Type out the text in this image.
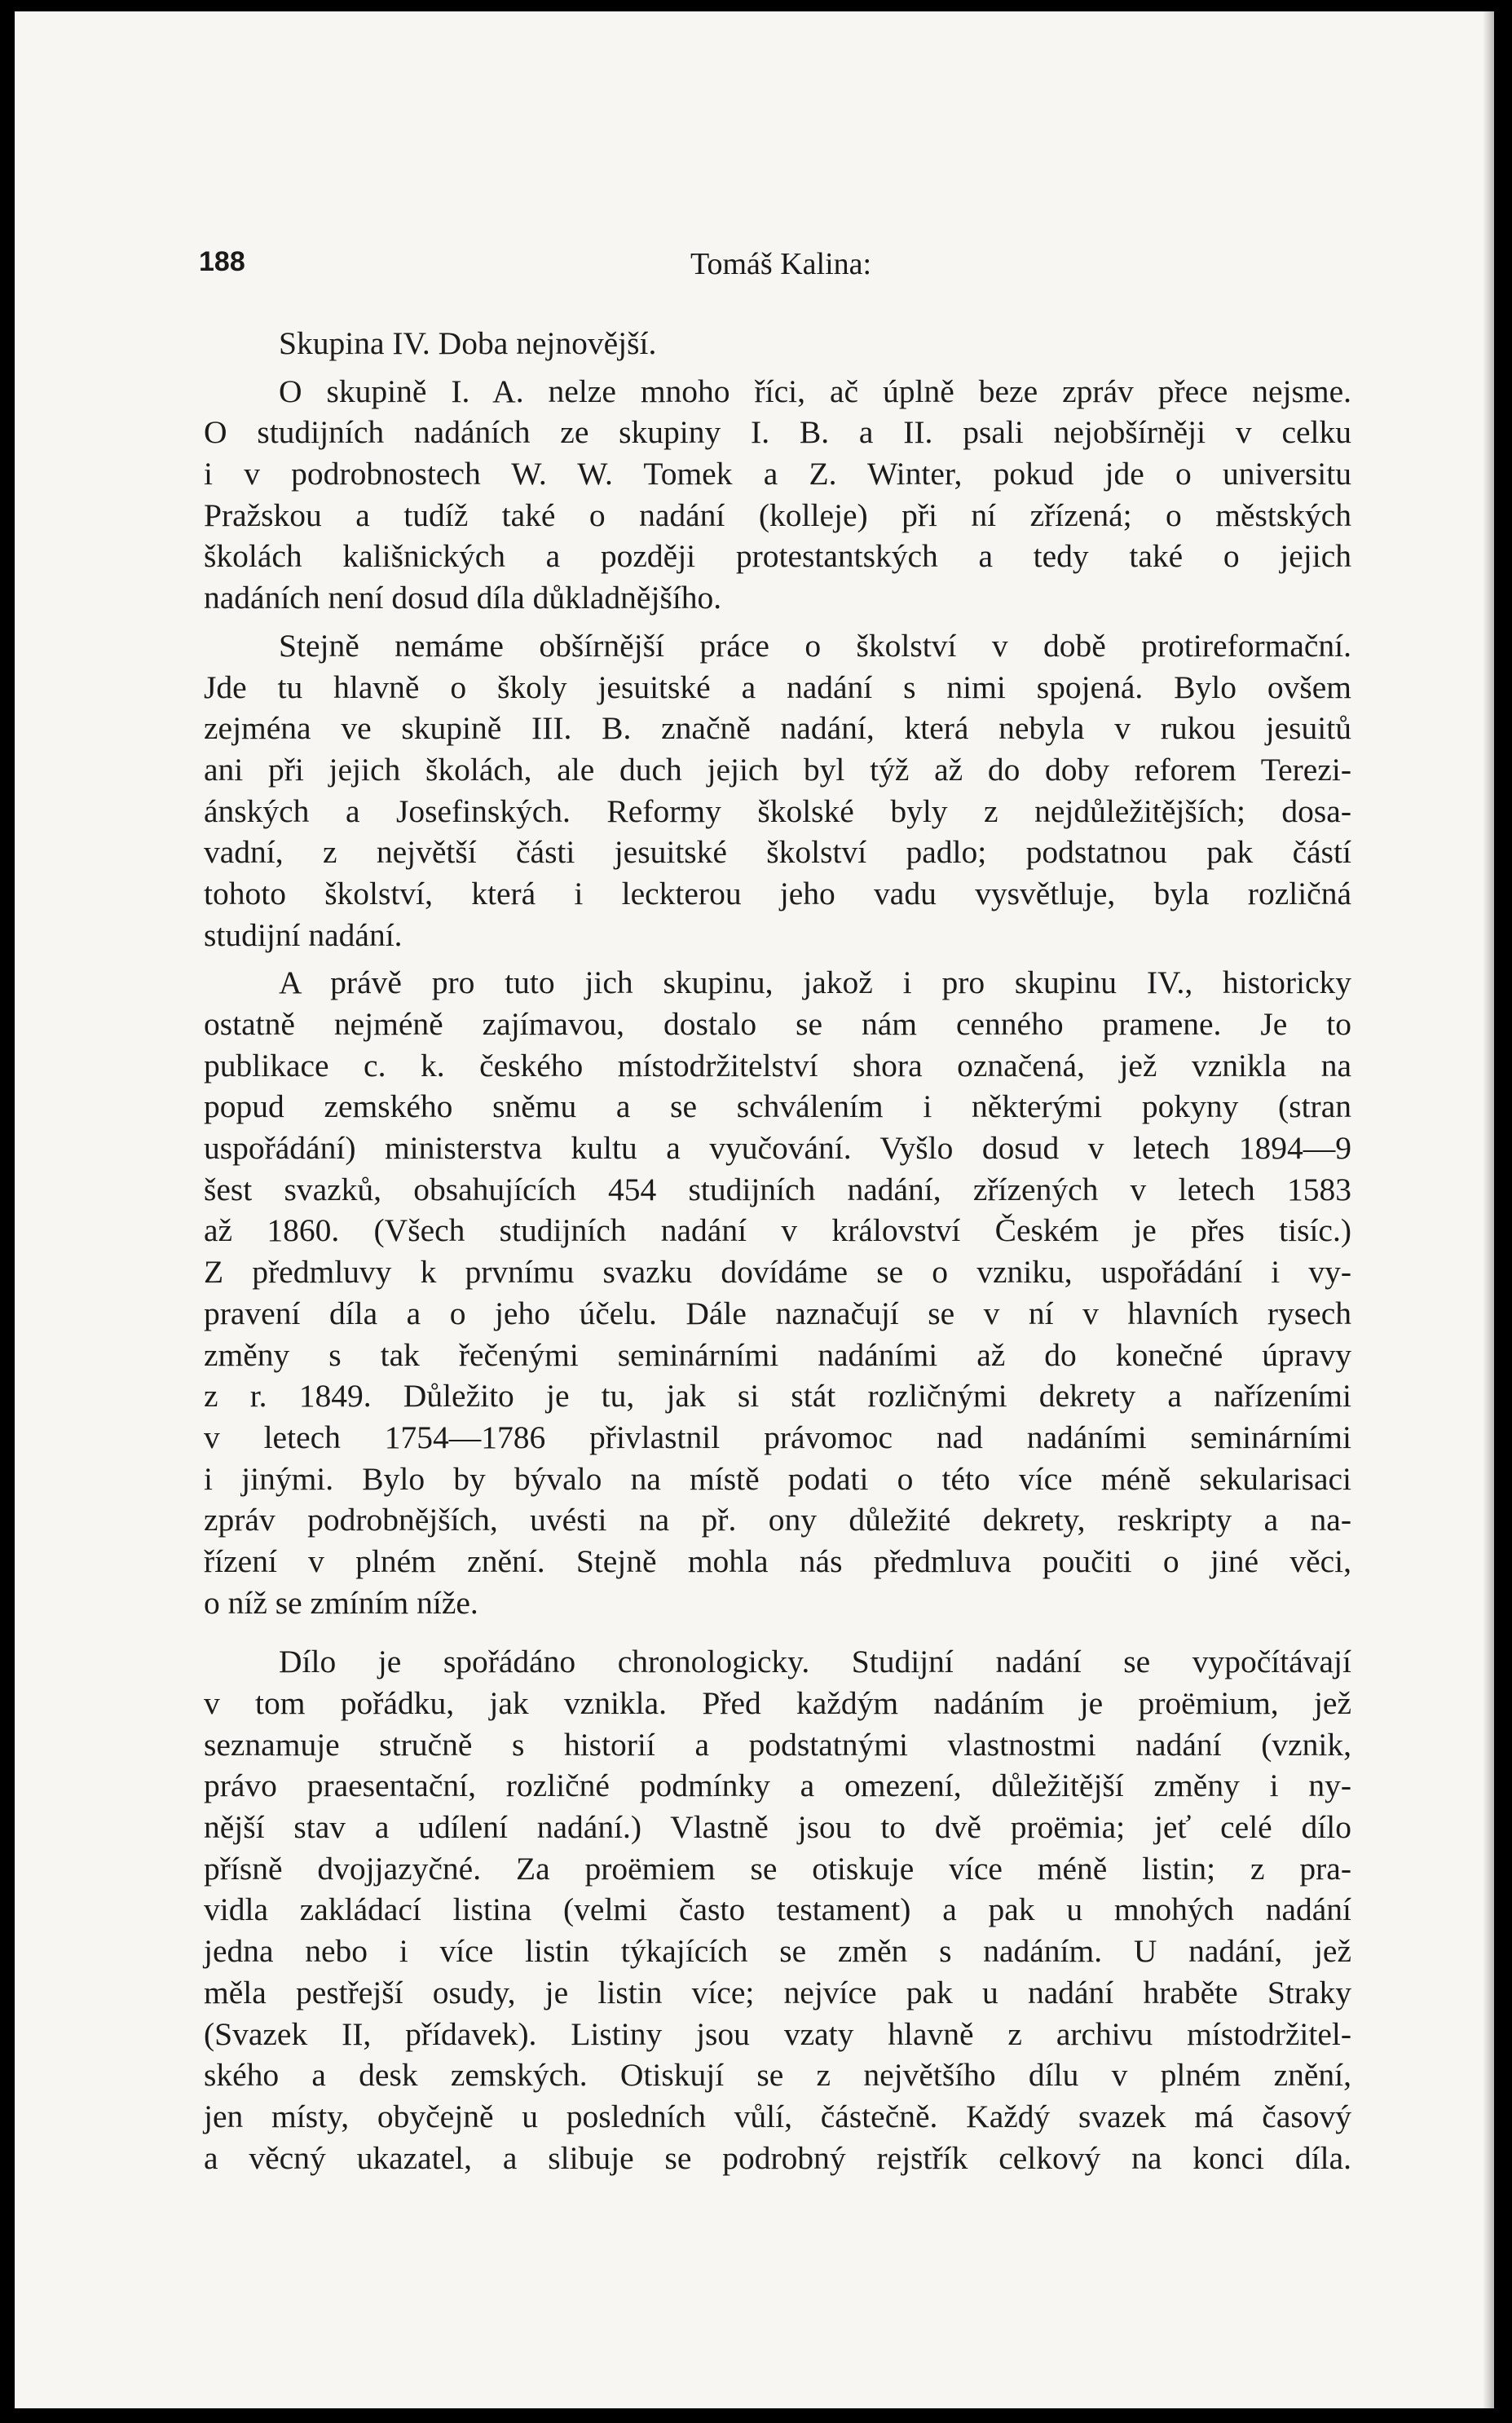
188	Tomáš Kalina:
Skupina IV. Doba nejnovější.
O skupině I. A. nelze mnoho říci, ač úplně beze zpráv přece nejsme.
O studijních nadáních ze skupiny I. B. a II. psali nejobšírněji v celku
i v podrobnostech W. W. Tomek a Z. Winter, pokud jde o universitu
Pražskou a tudíž také o nadání (kolleje) při ní zřízená; o městských
školách kališnických a později protestantských a tedy také o jejich
nadáních není dosud díla důkladnějšího.
Stejně nemáme obšírnější práce o školství v době protireformační.
Jde tu hlavně o školy jesuitské a nadání s nimi spojená. Bylo ovšem
zejména ve skupině III. B. značně nadání, která nebyla v rukou jesuitů
ani při jejich školách, ale duch jejich byl týž až do doby reforem Terezi-
ánských a Josefinských. Reformy školské byly z nejdůležitějších; dosa-
vadní, z největší části jesuitské školství padlo; podstatnou pak částí
tohoto školství, která i leckterou jeho vadu vysvětluje, byla rozličná
studijní nadání.
A právě pro tuto jich skupinu, jakož i pro skupinu IV., historicky
ostatně nejméně zajímavou, dostalo se nám cenného pramene. Je to
publikace c. k. českého místodržitelství shora označená, jež vznikla na
popud zemského sněmu a se schválením i některými pokyny (stran
uspořádání) ministerstva kultu a vyučování. Vyšlo dosud v letech 1894—9
šest svazků, obsahujících 454 studijních nadání, zřízených v letech 1583
až 1860. (Všech studijních nadání v království Českém je přes tisíc.)
Z předmluvy k prvnímu svazku dovídáme se o vzniku, uspořádání i vy-
pravení díla a o jeho účelu. Dále naznačují se v ní v hlavních rysech
změny s tak řečenými seminárními nadáními až do konečné úpravy
z r. 1849. Důležito je tu, jak si stát rozličnými dekrety a nařízeními
v letech 1754—1786 přivlastnil právomoc nad nadáními seminárními
i jinými. Bylo by bývalo na místě podati o této více méně sekularisaci
zpráv podrobnějších, uvésti na př. ony důležité dekrety, reskripty a na-
řízení v plném znění. Stejně mohla nás předmluva poučiti o jiné věci,
o níž se zmíním níže.
Dílo je spořádáno chronologicky. Studijní nadání se vypočítávají
v tom pořádku, jak vznikla. Před každým nadáním je proëmium, jež
seznamuje stručně s historií a podstatnými vlastnostmi nadání (vznik,
právo praesentační, rozličné podmínky a omezení, důležitější změny i ny-
nější stav a udílení nadání.) Vlastně jsou to dvě proëmia; jeť celé dílo
přísně dvojjazyčné. Za proëmiem se otiskuje více méně listin; z pra-
vidla zakládací listina (velmi často testament) a pak u mnohých nadání
jedna nebo i více listin týkajících se změn s nadáním. U nadání, jež
měla pestřejší osudy, je listin více; nejvíce pak u nadání hraběte Straky
(Svazek II, přídavek). Listiny jsou vzaty hlavně z archivu místodržitel-
ského a desk zemských. Otiskují se z největšího dílu v plném znění,
jen místy, obyčejně u posledních vůlí, částečně. Každý svazek má časový
a věcný ukazatel, a slibuje se podrobný rejstřík celkový na konci díla.
